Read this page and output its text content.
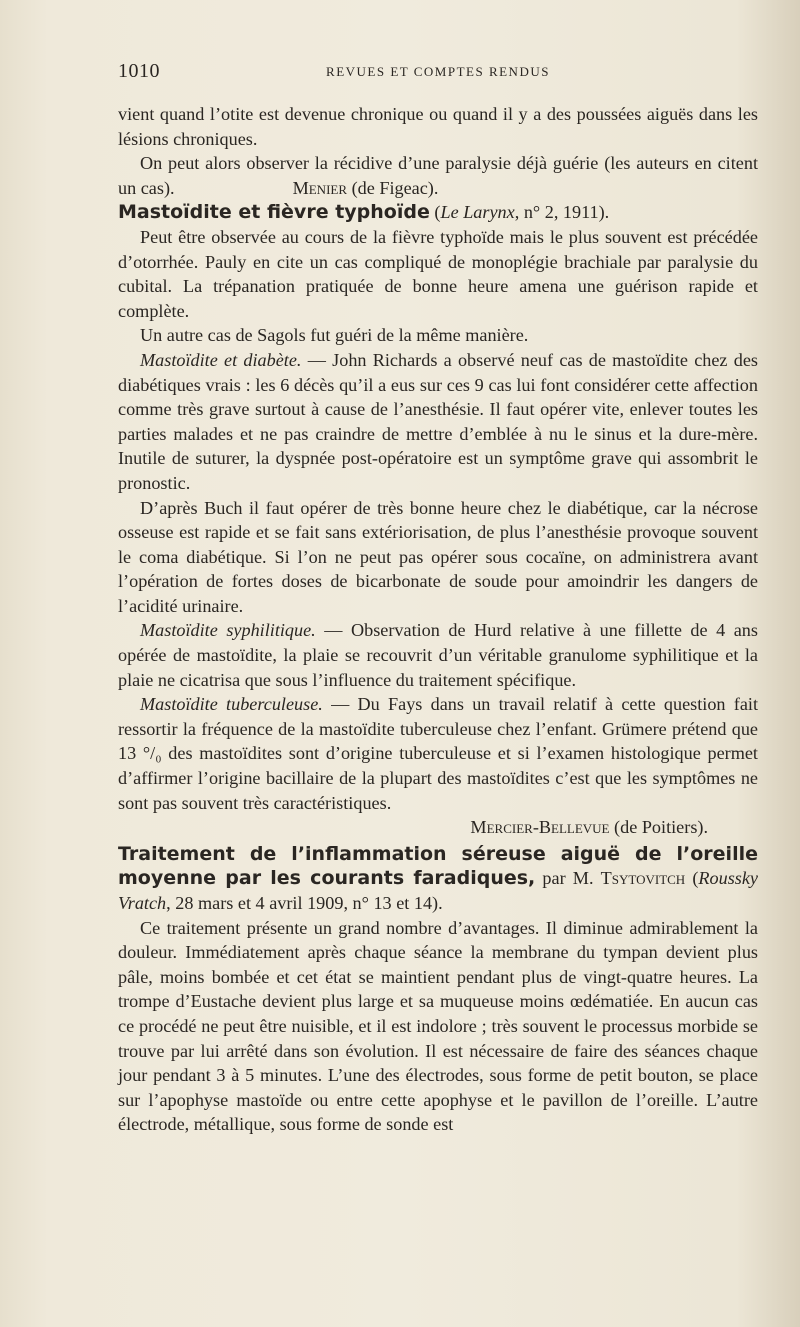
1010	REVUES ET COMPTES RENDUS

vient quand l’otite est devenue chronique ou quand il y a des poussées aiguës dans les lésions chroniques.

On peut alors observer la récidive d’une paralysie déjà guérie (les auteurs en citent un cas).	Menier (de Figeac).

Mastoïdite et fièvre typhoïde (Le Larynx, n° 2, 1911).

Peut être observée au cours de la fièvre typhoïde mais le plus souvent est précédée d’otorrhée. Pauly en cite un cas compliqué de monoplégie brachiale par paralysie du cubital. La trépanation pratiquée de bonne heure amena une guérison rapide et complète.

Un autre cas de Sagols fut guéri de la même manière.

Mastoïdite et diabète. — John Richards a observé neuf cas de mastoïdite chez des diabétiques vrais : les 6 décès qu’il a eus sur ces 9 cas lui font considérer cette affection comme très grave surtout à cause de l’anesthésie. Il faut opérer vite, enlever toutes les parties malades et ne pas craindre de mettre d’emblée à nu le sinus et la dure-mère. Inutile de suturer, la dyspnée post-opératoire est un symptôme grave qui assombrit le pronostic.

D’après Buch il faut opérer de très bonne heure chez le diabétique, car la nécrose osseuse est rapide et se fait sans extériorisation, de plus l’anesthésie provoque souvent le coma diabétique. Si l’on ne peut pas opérer sous cocaïne, on administrera avant l’opération de fortes doses de bicarbonate de soude pour amoindrir les dangers de l’acidité urinaire.

Mastoïdite syphilitique. — Observation de Hurd relative à une fillette de 4 ans opérée de mastoïdite, la plaie se recouvrit d’un véritable granulome syphilitique et la plaie ne cicatrisa que sous l’influence du traitement spécifique.

Mastoïdite tuberculeuse. — Du Fays dans un travail relatif à cette question fait ressortir la fréquence de la mastoïdite tuberculeuse chez l’enfant. Grümere prétend que 13 °/₀ des mastoïdites sont d’origine tuberculeuse et si l’examen histologique permet d’affirmer l’origine bacillaire de la plupart des mastoïdites c’est que les symptômes ne sont pas souvent très caractéristiques.

Mercier-Bellevue (de Poitiers).

Traitement de l’inflammation séreuse aiguë de l’oreille moyenne par les courants faradiques, par M. Tsytovitch (Roussky Vratch, 28 mars et 4 avril 1909, n° 13 et 14).

Ce traitement présente un grand nombre d’avantages. Il diminue admirablement la douleur. Immédiatement après chaque séance la membrane du tympan devient plus pâle, moins bombée et cet état se maintient pendant plus de vingt-quatre heures. La trompe d’Eustache devient plus large et sa muqueuse moins œdématiée. En aucun cas ce procédé ne peut être nuisible, et il est indolore ; très souvent le processus morbide se trouve par lui arrêté dans son évolution. Il est nécessaire de faire des séances chaque jour pendant 3 à 5 minutes. L’une des électrodes, sous forme de petit bouton, se place sur l’apophyse mastoïde ou entre cette apophyse et le pavillon de l’oreille. L’autre électrode, métallique, sous forme de sonde est
